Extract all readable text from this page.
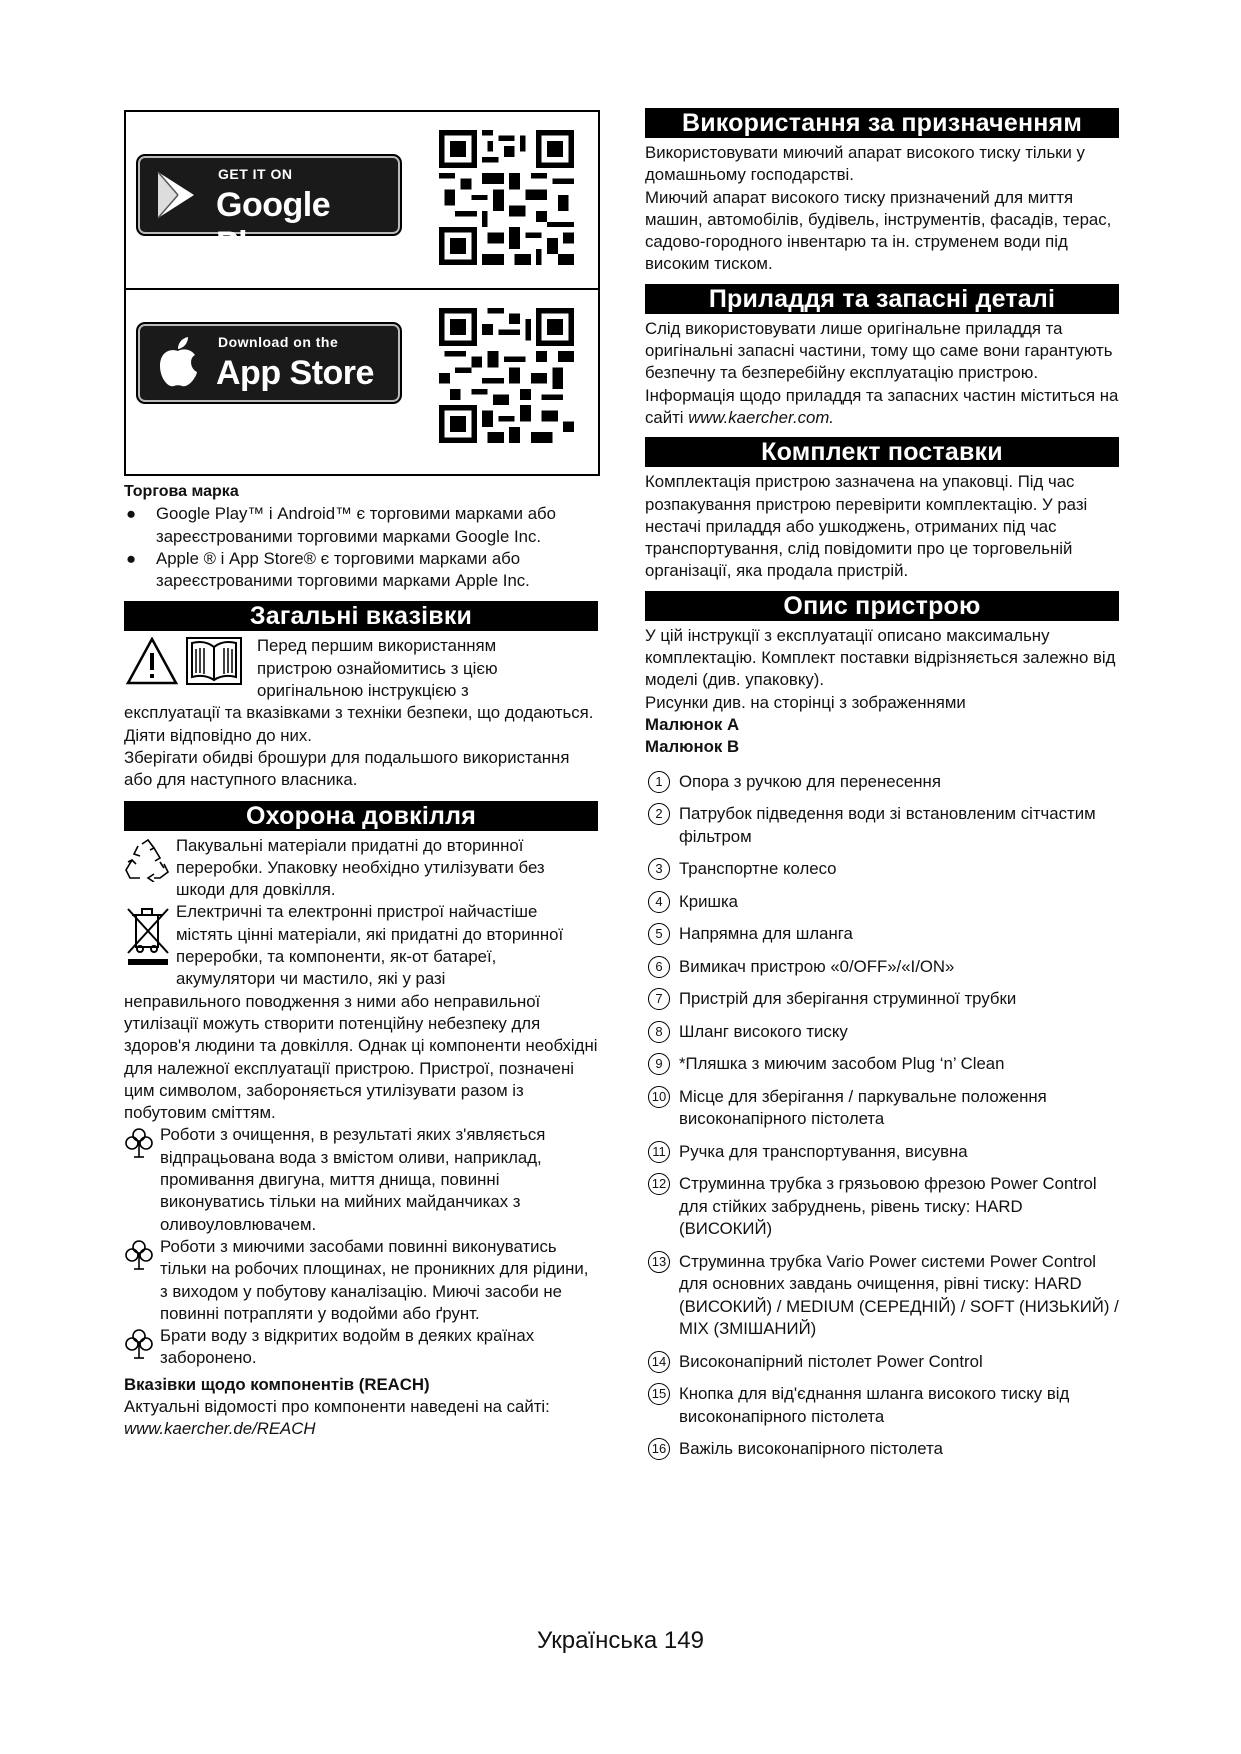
GET IT ON
Google Play
Download on the
App Store
Торгова марка
● Google Play™ і Android™ є торговими марками або зареєстрованими торговими марками Google Inc.
● Apple ® і App Store® є торговими марками або зареєстрованими торговими марками Apple Inc.
Загальні вказівки
Перед першим використанням
пристрою ознайомитись з цією
оригінальною інструкцією з
експлуатації та вказівками з техніки безпеки, що додаються. Діяти відповідно до них.
Зберігати обидві брошури для подальшого використання або для наступного власника.
Охорона довкілля
Пакувальні матеріали придатні до вторинної переробки. Упаковку необхідно утилізувати без шкоди для довкілля.
Електричні та електронні пристрої найчастіше містять цінні матеріали, які придатні до вторинної переробки, та компоненти, як-от батареї, акумулятори чи мастило, які у разі
неправильного поводження з ними або неправильної утилізації можуть створити потенційну небезпеку для здоров'я людини та довкілля. Однак ці компоненти необхідні для належної експлуатації пристрою. Пристрої, позначені цим символом, забороняється утилізувати разом із побутовим сміттям.
Роботи з очищення, в результаті яких з'являється відпрацьована вода з вмістом оливи, наприклад, промивання двигуна, миття днища, повинні виконуватись тільки на мийних майданчиках з оливоуловлювачем.
Роботи з миючими засобами повинні виконуватись тільки на робочих площинах, не проникних для рідини, з виходом у побутову каналізацію. Миючі засоби не повинні потрапляти у водойми або ґрунт.
Брати воду з відкритих водойм в деяких країнах заборонено.
Вказівки щодо компонентів (REACH)
Актуальні відомості про компоненти наведені на сайті: www.kaercher.de/REACH
Використання за призначенням
Використовувати миючий апарат високого тиску тільки у домашньому господарстві.
Миючий апарат високого тиску призначений для миття машин, автомобілів, будівель, інструментів, фасадів, терас, садово-городного інвентарю та ін. струменем води під високим тиском.
Приладдя та запасні деталі
Слід використовувати лише оригінальне приладдя та оригінальні запасні частини, тому що саме вони гарантують безпечну та безперебійну експлуатацію пристрою.
Інформація щодо приладдя та запасних частин міститься на сайті www.kaercher.com.
Комплект поставки
Комплектація пристрою зазначена на упаковці. Під час розпакування пристрою перевірити комплектацію. У разі нестачі приладдя або ушкоджень, отриманих під час транспортування, слід повідомити про це торговельній організації, яка продала пристрій.
Опис пристрою
У цій інструкції з експлуатації описано максимальну комплектацію. Комплект поставки відрізняється залежно від моделі (див. упаковку).
Рисунки див. на сторінці з зображеннями
Малюнок A
Малюнок B
1 Опора з ручкою для перенесення
2 Патрубок підведення води зі встановленим сітчастим фільтром
3 Транспортне колесо
4 Кришка
5 Напрямна для шланга
6 Вимикач пристрою «0/OFF»/«I/ON»
7 Пристрій для зберігання струминної трубки
8 Шланг високого тиску
9 *Пляшка з миючим засобом Plug ‘n’ Clean
10 Місце для зберігання / паркувальне положення високонапірного пістолета
11 Ручка для транспортування, висувна
12 Струминна трубка з грязьовою фрезою Power Control для стійких забруднень, рівень тиску: HARD (ВИСОКИЙ)
13 Струминна трубка Vario Power системи Power Control для основних завдань очищення, рівні тиску: HARD (ВИСОКИЙ) / MEDIUM (СЕРЕДНІЙ) / SOFT (НИЗЬКИЙ) / MIX (ЗМІШАНИЙ)
14 Високонапірний пістолет Power Control
15 Кнопка для від'єднання шланга високого тиску від високонапірного пістолета
16 Важіль високонапірного пістолета
Українська 149
